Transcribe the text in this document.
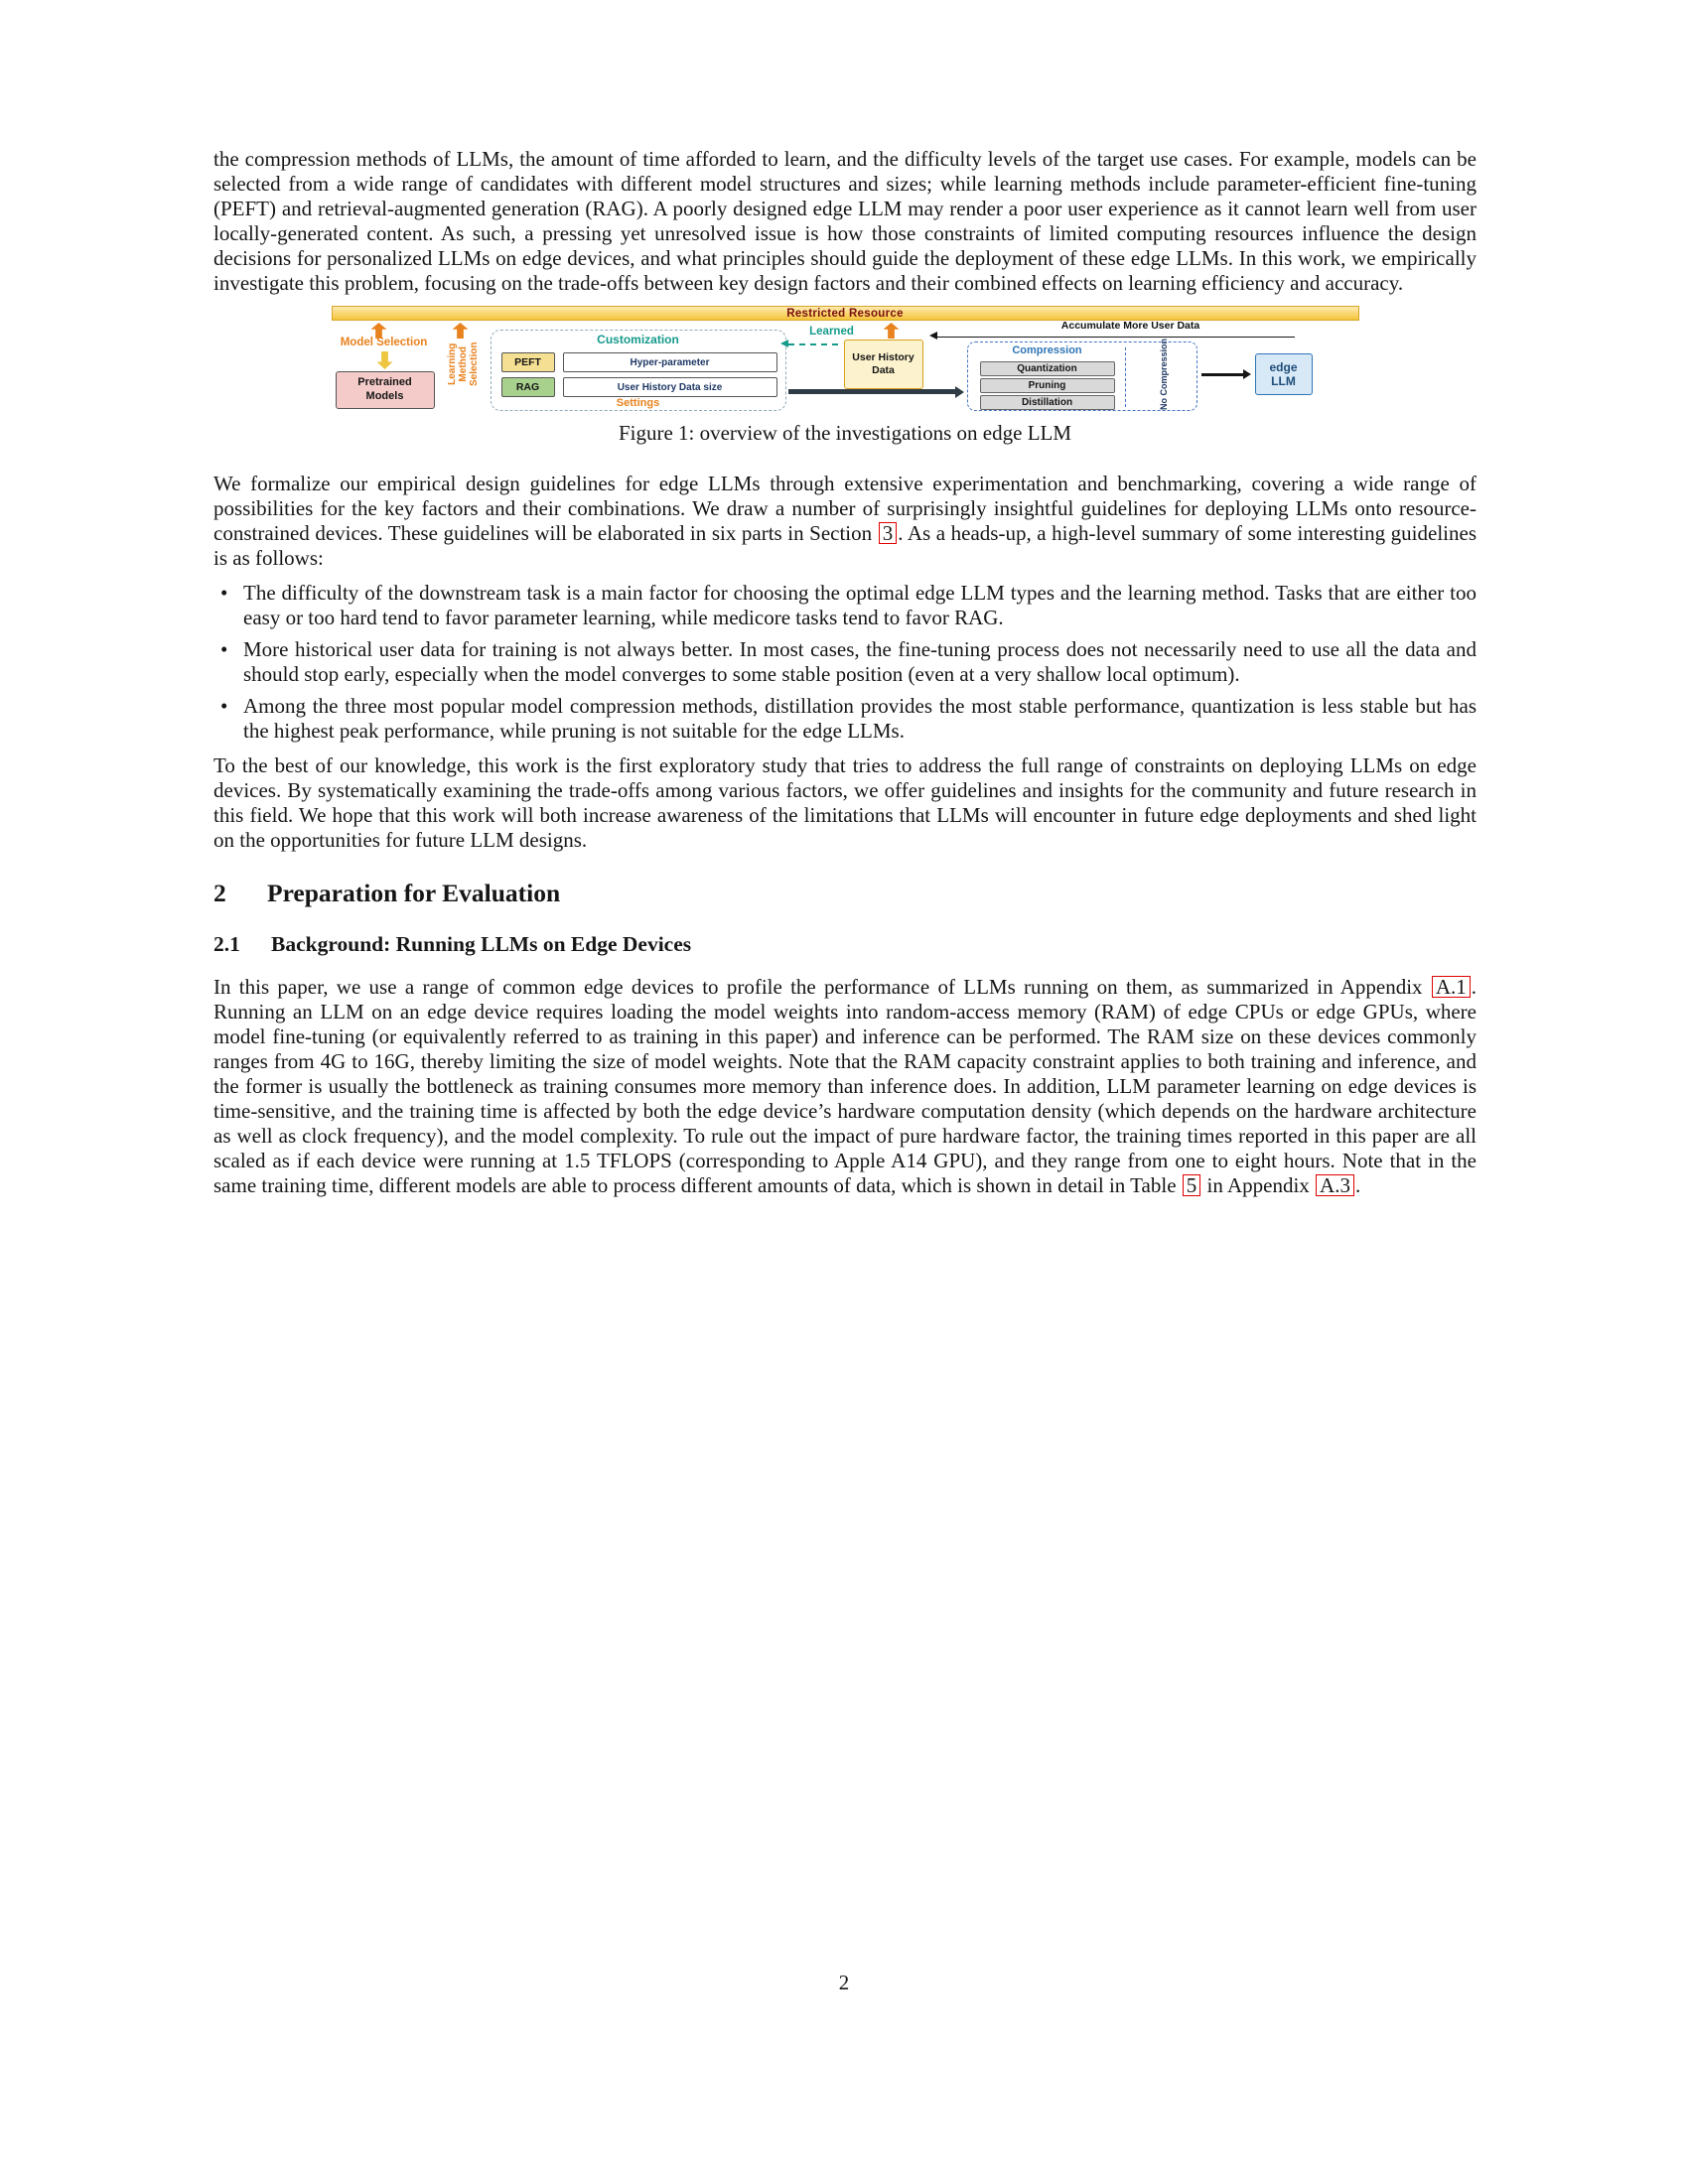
the compression methods of LLMs, the amount of time afforded to learn, and the difficulty levels of the target use cases. For example, models can be selected from a wide range of candidates with different model structures and sizes; while learning methods include parameter-efficient fine-tuning (PEFT) and retrieval-augmented generation (RAG). A poorly designed edge LLM may render a poor user experience as it cannot learn well from user locally-generated content. As such, a pressing yet unresolved issue is how those constraints of limited computing resources influence the design decisions for personalized LLMs on edge devices, and what principles should guide the deployment of these edge LLMs. In this work, we empirically investigate this problem, focusing on the trade-offs between key design factors and their combined effects on learning efficiency and accuracy.

Restricted Resource
Model Selection
Pretrained Models
Learning Method Selection
Customization
PEFT	Hyper-parameter
RAG	User History Data size
Settings
Learned
User History Data
Accumulate More User Data
Compression
Quantization
Pruning
Distillation	No Compression	edge LLM
Figure 1: overview of the investigations on edge LLM

We formalize our empirical design guidelines for edge LLMs through extensive experimentation and benchmarking, covering a wide range of possibilities for the key factors and their combinations. We draw a number of surprisingly insightful guidelines for deploying LLMs onto resource-constrained devices. These guidelines will be elaborated in six parts in Section 3 . As a heads-up, a high-level summary of some interesting guidelines is as follows:

• The difficulty of the downstream task is a main factor for choosing the optimal edge LLM types and the learning method. Tasks that are either too easy or too hard tend to favor parameter learning, while medicore tasks tend to favor RAG.
• More historical user data for training is not always better. In most cases, the fine-tuning process does not necessarily need to use all the data and should stop early, especially when the model converges to some stable position (even at a very shallow local optimum).
• Among the three most popular model compression methods, distillation provides the most stable performance, quantization is less stable but has the highest peak performance, while pruning is not suitable for the edge LLMs.

To the best of our knowledge, this work is the first exploratory study that tries to address the full range of constraints on deploying LLMs on edge devices. By systematically examining the trade-offs among various factors, we offer guidelines and insights for the community and future research in this field. We hope that this work will both increase awareness of the limitations that LLMs will encounter in future edge deployments and shed light on the opportunities for future LLM designs.

2 Preparation for Evaluation
2.1 Background: Running LLMs on Edge Devices

In this paper, we use a range of common edge devices to profile the performance of LLMs running on them, as summarized in Appendix A.1 . Running an LLM on an edge device requires loading the model weights into random-access memory (RAM) of edge CPUs or edge GPUs, where model fine-tuning (or equivalently referred to as training in this paper) and inference can be performed. The RAM size on these devices commonly ranges from 4G to 16G, thereby limiting the size of model weights. Note that the RAM capacity constraint applies to both training and inference, and the former is usually the bottleneck as training consumes more memory than inference does. In addition, LLM parameter learning on edge devices is time-sensitive, and the training time is affected by both the edge device’s hardware computation density (which depends on the hardware architecture as well as clock frequency), and the model complexity. To rule out the impact of pure hardware factor, the training times reported in this paper are all scaled as if each device were running at 1.5 TFLOPS (corresponding to Apple A14 GPU), and they range from one to eight hours. Note that in the same training time, different models are able to process different amounts of data, which is shown in detail in Table 5 in Appendix A.3 .

2
